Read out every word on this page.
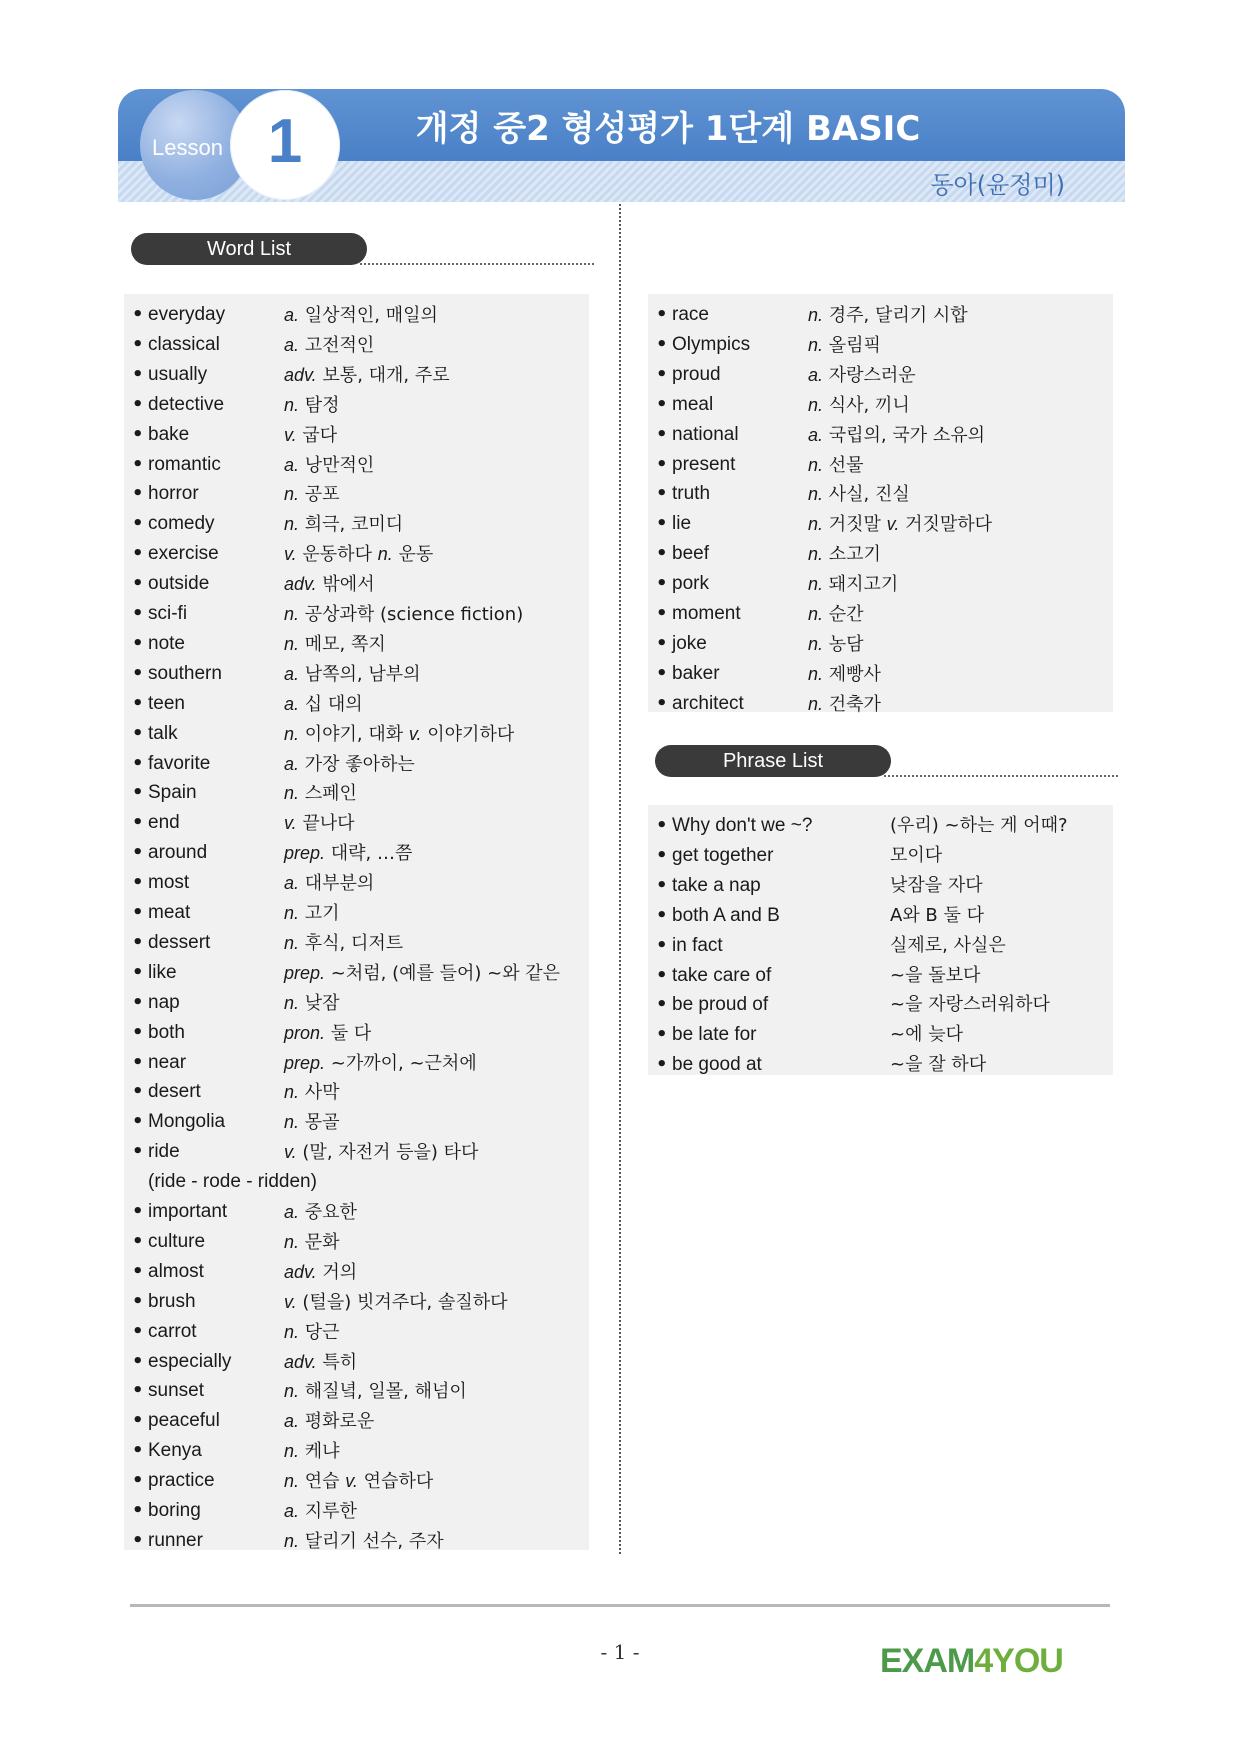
Lesson 1	개정 중2 형성평가 1단계 BASIC
동아(윤정미)
Word List
• everyday	a. 일상적인, 매일의
• classical	a. 고전적인
• usually	adv. 보통, 대개, 주로
• detective	n. 탐정
• bake	v. 굽다
• romantic	a. 낭만적인
• horror	n. 공포
• comedy	n. 희극, 코미디
• exercise	v. 운동하다 n. 운동
• outside	adv. 밖에서
• sci-fi	n. 공상과학 (science fiction)
• note	n. 메모, 쪽지
• southern	a. 남쪽의, 남부의
• teen	a. 십 대의
• talk	n. 이야기, 대화 v. 이야기하다
• favorite	a. 가장 좋아하는
• Spain	n. 스페인
• end	v. 끝나다
• around	prep. 대략, …쯤
• most	a. 대부분의
• meat	n. 고기
• dessert	n. 후식, 디저트
• like	prep. ~처럼, (예를 들어) ~와 같은
• nap	n. 낮잠
• both	pron. 둘 다
• near	prep. ~가까이, ~근처에
• desert	n. 사막
• Mongolia	n. 몽골
• ride	v. (말, 자전거 등을) 타다
(ride - rode - ridden)
• important	a. 중요한
• culture	n. 문화
• almost	adv. 거의
• brush	v. (털을) 빗겨주다, 솔질하다
• carrot	n. 당근
• especially	adv. 특히
• sunset	n. 해질녘, 일몰, 해넘이
• peaceful	a. 평화로운
• Kenya	n. 케냐
• practice	n. 연습 v. 연습하다
• boring	a. 지루한
• runner	n. 달리기 선수, 주자
• race	n. 경주, 달리기 시합
• Olympics	n. 올림픽
• proud	a. 자랑스러운
• meal	n. 식사, 끼니
• national	a. 국립의, 국가 소유의
• present	n. 선물
• truth	n. 사실, 진실
• lie	n. 거짓말 v. 거짓말하다
• beef	n. 소고기
• pork	n. 돼지고기
• moment	n. 순간
• joke	n. 농담
• baker	n. 제빵사
• architect	n. 건축가
Phrase List
• Why don't we ~?	(우리) ~하는 게 어때?
• get together	모이다
• take a nap	낮잠을 자다
• both A and B	A와 B 둘 다
• in fact	실제로, 사실은
• take care of	~을 돌보다
• be proud of	~을 자랑스러워하다
• be late for	~에 늦다
• be good at	~을 잘 하다
- 1 -	EXAM4YOU
